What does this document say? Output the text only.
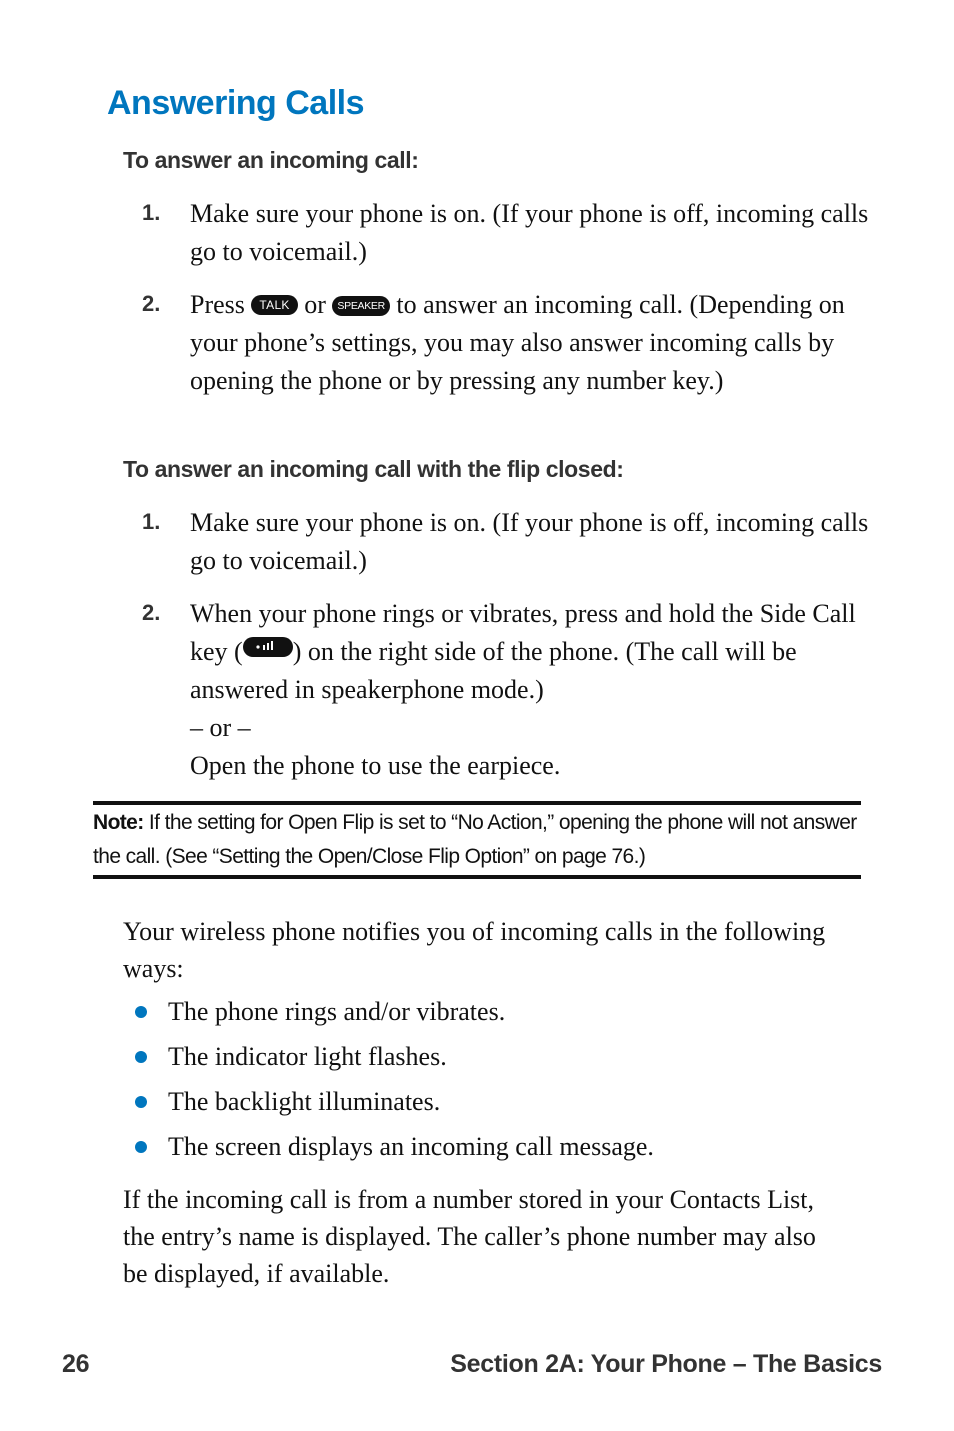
Answering Calls
To answer an incoming call:
1. Make sure your phone is on. (If your phone is off, incoming calls go to voicemail.)
2. Press TALK or SPEAKER to answer an incoming call. (Depending on your phone’s settings, you may also answer incoming calls by opening the phone or by pressing any number key.)
To answer an incoming call with the flip closed:
1. Make sure your phone is on. (If your phone is off, incoming calls go to voicemail.)
2. When your phone rings or vibrates, press and hold the Side Call key ( ) on the right side of the phone. (The call will be answered in speakerphone mode.)
– or –
Open the phone to use the earpiece.
Note: If the setting for Open Flip is set to “No Action,” opening the phone will not answer the call. (See “Setting the Open/Close Flip Option” on page 76.)
Your wireless phone notifies you of incoming calls in the following ways:
The phone rings and/or vibrates.
The indicator light flashes.
The backlight illuminates.
The screen displays an incoming call message.
If the incoming call is from a number stored in your Contacts List, the entry’s name is displayed. The caller’s phone number may also be displayed, if available.
26	Section 2A: Your Phone – The Basics
